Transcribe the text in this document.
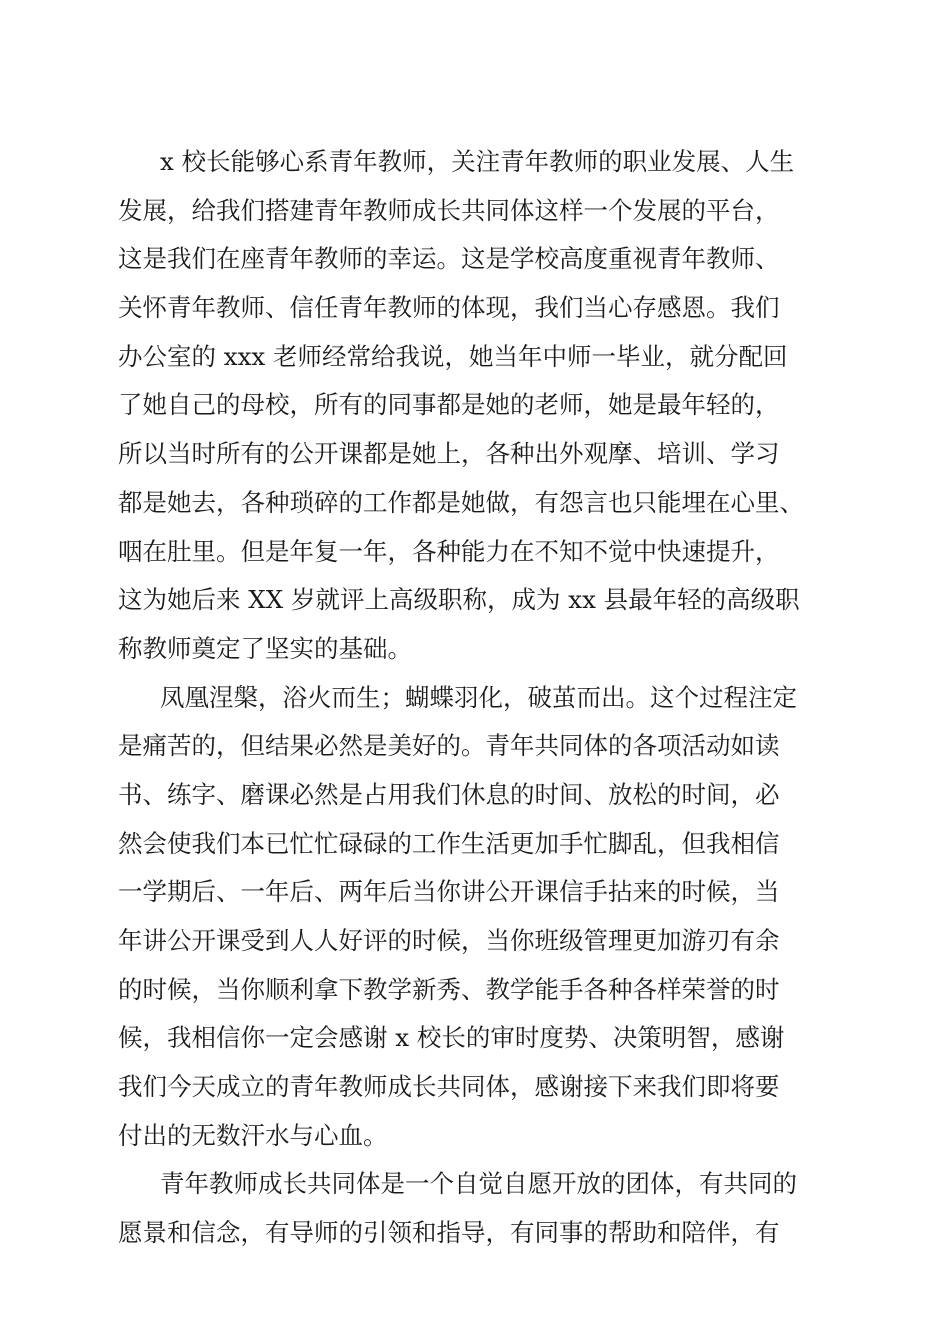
x 校长能够心系青年教师，关注青年教师的职业发展、人生

发展，给我们搭建青年教师成长共同体这样一个发展的平台，

这是我们在座青年教师的幸运。这是学校高度重视青年教师、

关怀青年教师、信任青年教师的体现，我们当心存感恩。我们

办公室的 xxx 老师经常给我说，她当年中师一毕业，就分配回

了她自己的母校，所有的同事都是她的老师，她是最年轻的，

所以当时所有的公开课都是她上，各种出外观摩、培训、学习

都是她去，各种琐碎的工作都是她做，有怨言也只能埋在心里、

咽在肚里。但是年复一年，各种能力在不知不觉中快速提升，

这为她后来 XX 岁就评上高级职称，成为 xx 县最年轻的高级职

称教师奠定了坚实的基础。

凤凰涅槃，浴火而生；蝴蝶羽化，破茧而出。这个过程注定

是痛苦的，但结果必然是美好的。青年共同体的各项活动如读

书、练字、磨课必然是占用我们休息的时间、放松的时间，必

然会使我们本已忙忙碌碌的工作生活更加手忙脚乱，但我相信

一学期后、一年后、两年后当你讲公开课信手拈来的时候，当

年讲公开课受到人人好评的时候，当你班级管理更加游刃有余

的时候，当你顺利拿下教学新秀、教学能手各种各样荣誉的时

候，我相信你一定会感谢 x 校长的审时度势、决策明智，感谢

我们今天成立的青年教师成长共同体，感谢接下来我们即将要

付出的无数汗水与心血。

青年教师成长共同体是一个自觉自愿开放的团体，有共同的

愿景和信念，有导师的引领和指导，有同事的帮助和陪伴，有
